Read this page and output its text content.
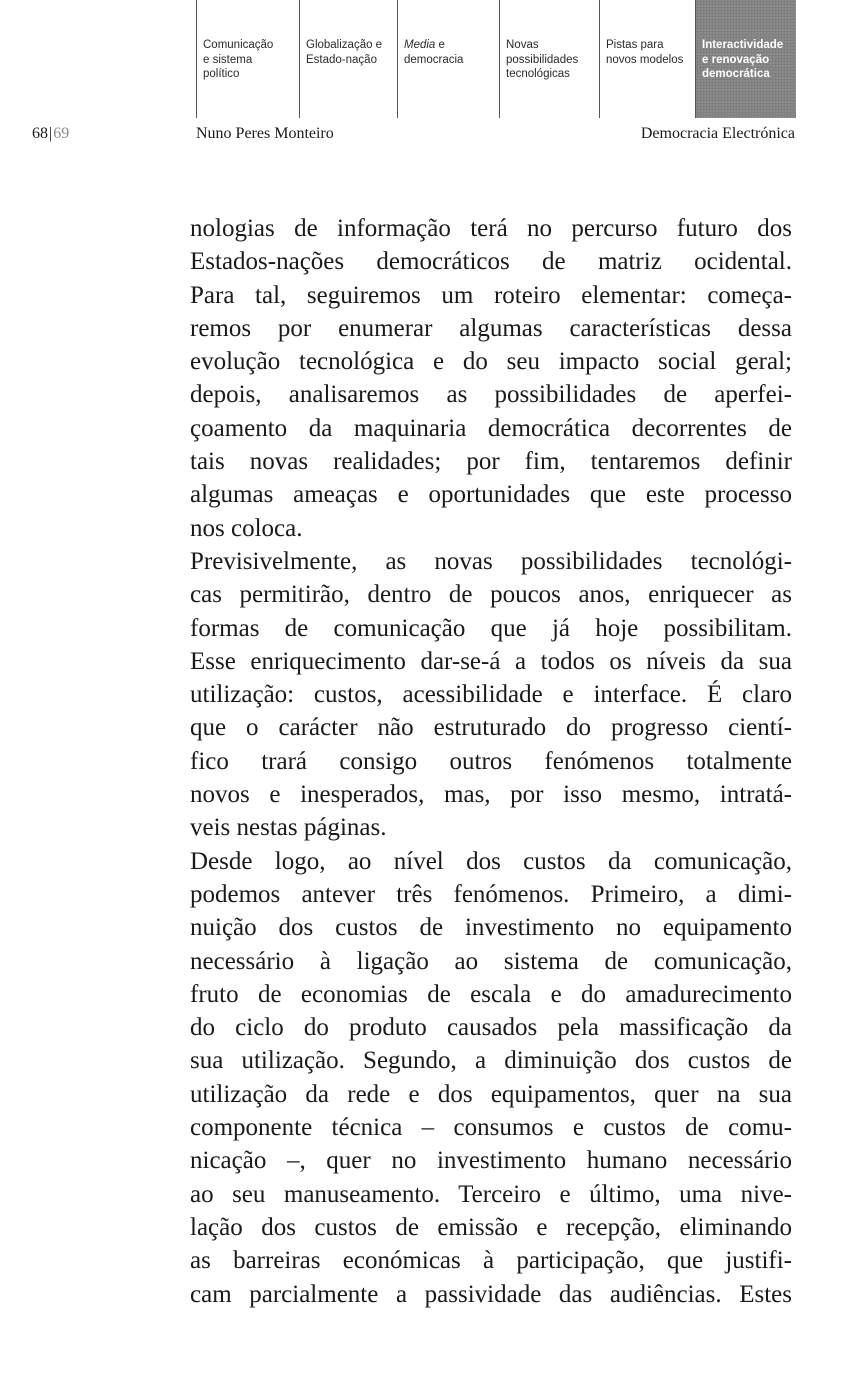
Comunicação
e sistema
político
Globalização e
Estado-nação
Media e
democracia
Novas
possibilidades
tecnológicas
Pistas para
novos modelos
Interactividade
e renovação
democrática
68|69	Nuno Peres Monteiro	Democracia Electrónica
nologias de informação terá no percurso futuro dos
Estados-nações democráticos de matriz ocidental.
Para tal, seguiremos um roteiro elementar: começa-
remos por enumerar algumas características dessa
evolução tecnológica e do seu impacto social geral;
depois, analisaremos as possibilidades de aperfei-
çoamento da maquinaria democrática decorrentes de
tais novas realidades; por fim, tentaremos definir
algumas ameaças e oportunidades que este processo
nos coloca.
Previsivelmente, as novas possibilidades tecnológi-
cas permitirão, dentro de poucos anos, enriquecer as
formas de comunicação que já hoje possibilitam.
Esse enriquecimento dar-se-á a todos os níveis da sua
utilização: custos, acessibilidade e interface. É claro
que o carácter não estruturado do progresso cientí-
fico trará consigo outros fenómenos totalmente
novos e inesperados, mas, por isso mesmo, intratá-
veis nestas páginas.
Desde logo, ao nível dos custos da comunicação,
podemos antever três fenómenos. Primeiro, a dimi-
nuição dos custos de investimento no equipamento
necessário à ligação ao sistema de comunicação,
fruto de economias de escala e do amadurecimento
do ciclo do produto causados pela massificação da
sua utilização. Segundo, a diminuição dos custos de
utilização da rede e dos equipamentos, quer na sua
componente técnica – consumos e custos de comu-
nicação –, quer no investimento humano necessário
ao seu manuseamento. Terceiro e último, uma nive-
lação dos custos de emissão e recepção, eliminando
as barreiras económicas à participação, que justifi-
cam parcialmente a passividade das audiências. Estes
